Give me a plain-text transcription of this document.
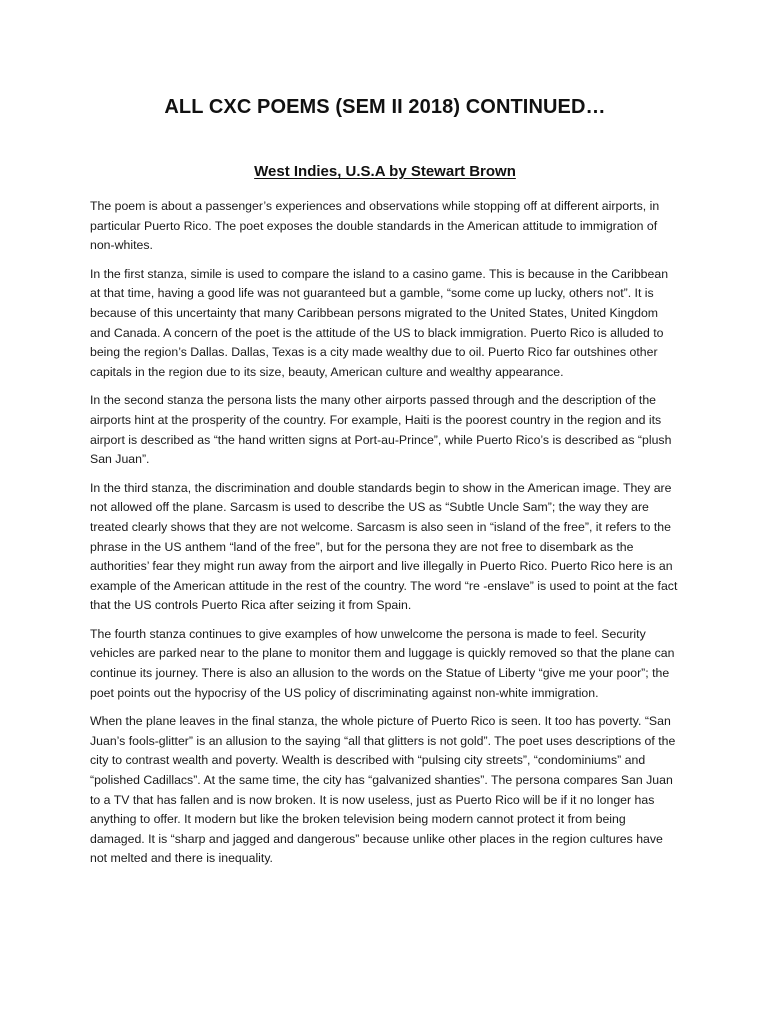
ALL CXC POEMS (SEM II 2018) CONTINUED…
West Indies, U.S.A by Stewart Brown

The poem is about a passenger’s experiences and observations while stopping off at different airports, in particular Puerto Rico. The poet exposes the double standards in the American attitude to immigration of non-whites.

In the first stanza, simile is used to compare the island to a casino game. This is because in the Caribbean at that time, having a good life was not guaranteed but a gamble, “some come up lucky, others not”. It is because of this uncertainty that many Caribbean persons migrated to the United States, United Kingdom and Canada. A concern of the poet is the attitude of the US to black immigration. Puerto Rico is alluded to being the region’s Dallas. Dallas, Texas is a city made wealthy due to oil. Puerto Rico far outshines other capitals in the region due to its size, beauty, American culture and wealthy appearance.

In the second stanza the persona lists the many other airports passed through and the description of the airports hint at the prosperity of the country. For example, Haiti is the poorest country in the region and its airport is described as “the hand written signs at Port-au-Prince”, while Puerto Rico’s is described as “plush San Juan”.

In the third stanza, the discrimination and double standards begin to show in the American image. They are not allowed off the plane. Sarcasm is used to describe the US as “Subtle Uncle Sam”; the way they are treated clearly shows that they are not welcome. Sarcasm is also seen in “island of the free”, it refers to the phrase in the US anthem “land of the free”, but for the persona they are not free to disembark as the authorities’ fear they might run away from the airport and live illegally in Puerto Rico. Puerto Rico here is an example of the American attitude in the rest of the country. The word “re -enslave” is used to point at the fact that the US controls Puerto Rica after seizing it from Spain.

The fourth stanza continues to give examples of how unwelcome the persona is made to feel. Security vehicles are parked near to the plane to monitor them and luggage is quickly removed so that the plane can continue its journey. There is also an allusion to the words on the Statue of Liberty “give me your poor”; the poet points out the hypocrisy of the US policy of discriminating against non-white immigration.

When the plane leaves in the final stanza, the whole picture of Puerto Rico is seen. It too has poverty. “San Juan’s fools-glitter” is an allusion to the saying “all that glitters is not gold”. The poet uses descriptions of the city to contrast wealth and poverty. Wealth is described with “pulsing city streets”, “condominiums” and “polished Cadillacs”. At the same time, the city has “galvanized shanties”. The persona compares San Juan to a TV that has fallen and is now broken. It is now useless, just as Puerto Rico will be if it no longer has anything to offer. It modern but like the broken television being modern cannot protect it from being damaged. It is “sharp and jagged and dangerous” because unlike other places in the region cultures have not melted and there is inequality.
